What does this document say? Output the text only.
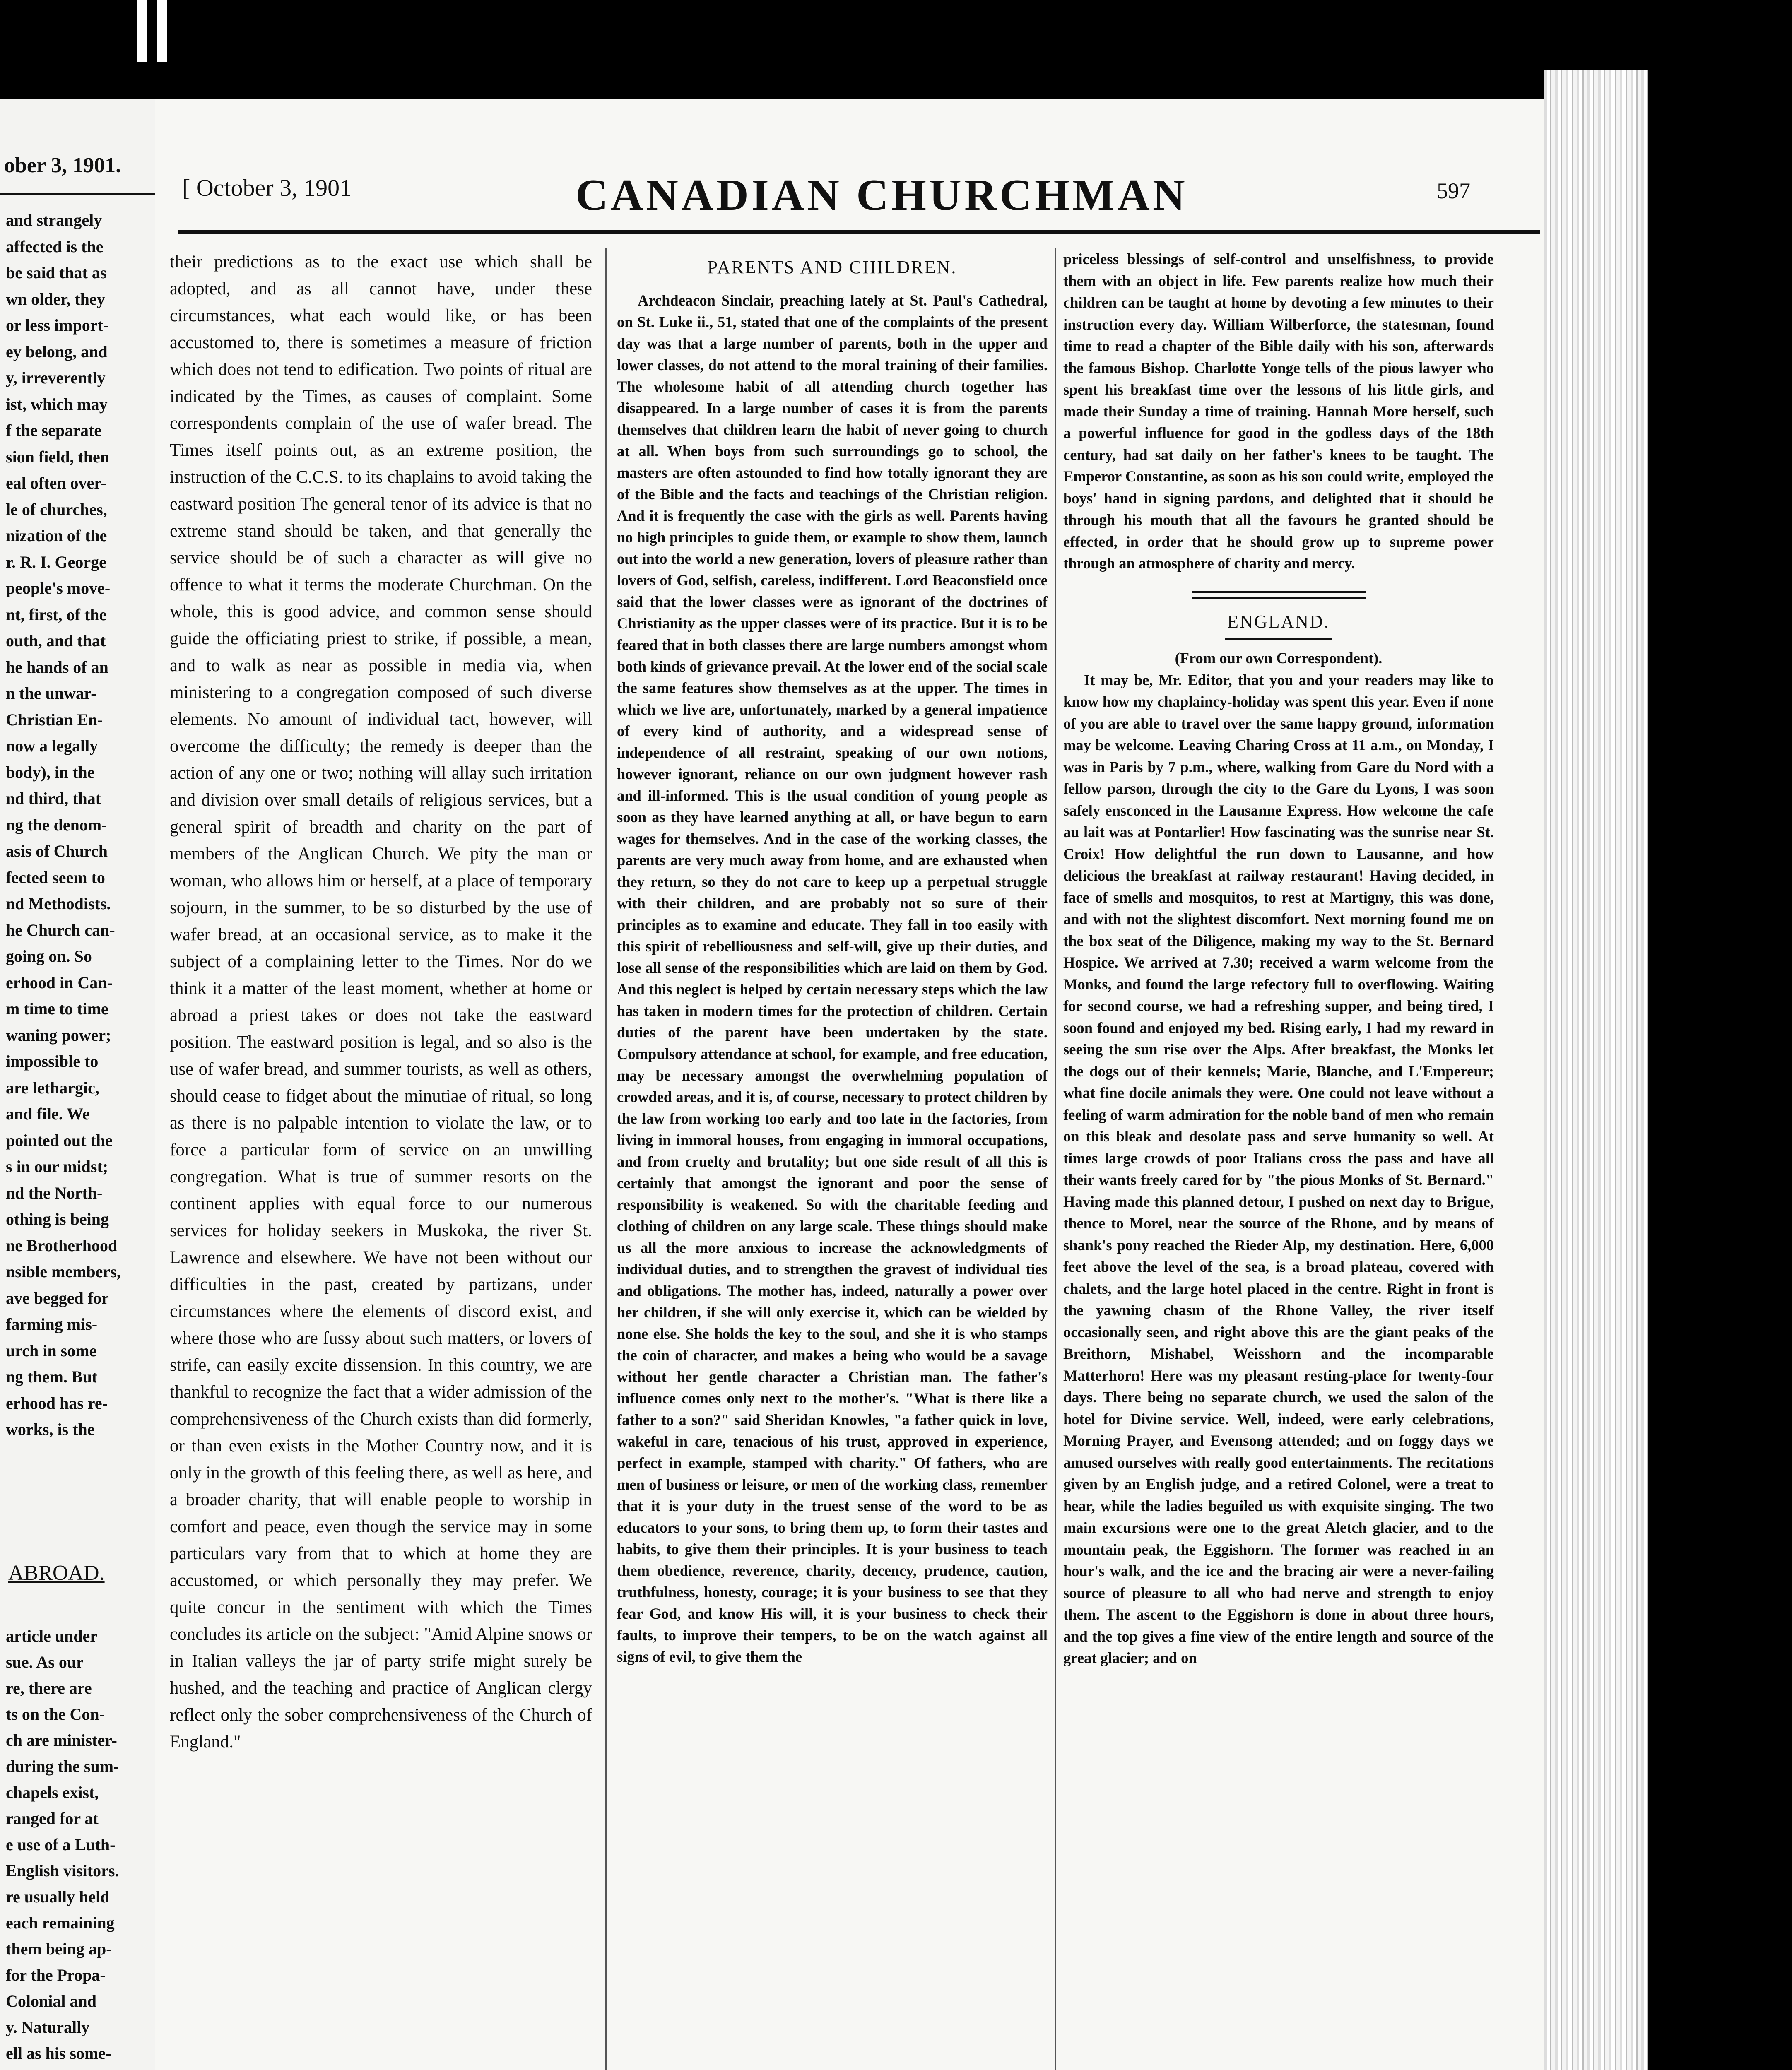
ober 3, 1901.
and strangely
affected is the
be said that as
wn older, they
or less import-
ey belong, and
y, irreverently
ist, which may
f the separate
sion field, then
eal often over-
le of churches,
nization of the
r. R. I. George
people's move-
nt, first, of the
outh, and that
he hands of an
n the unwar-
Christian En-
now a legally
body), in the
nd third, that
ng the denom-
asis of Church
fected seem to
nd Methodists.
he Church can-
going on. So
erhood in Can-
m time to time
waning power;
impossible to
are lethargic,
and file. We
pointed out the
s in our midst;
nd the North-
othing is being
ne Brotherhood
nsible members,
ave begged for
farming mis-
urch in some
ng them. But
erhood has re-
works, is the
ABROAD.
article under
sue. As our
re, there are
ts on the Con-
ch are minister-
during the sum-
chapels exist,
ranged for at
e use of a Luth-
English visitors.
re usually held
each remaining
them being ap-
for the Propa-
Colonial and
y. Naturally
ell as his some-
[ October 3, 1901	CANADIAN CHURCHMAN	597

their predictions as to the exact use which shall be adopted, and as all cannot have, under these circumstances, what each would like, or has been accustomed to, there is sometimes a measure of friction which does not tend to edification. Two points of ritual are indicated by the Times, as causes of complaint. Some correspondents complain of the use of wafer bread. The Times itself points out, as an extreme position, the instruction of the C.C.S. to its chaplains to avoid taking the eastward position The general tenor of its advice is that no extreme stand should be taken, and that generally the service should be of such a character as will give no offence to what it terms the moderate Churchman. On the whole, this is good advice, and common sense should guide the officiating priest to strike, if possible, a mean, and to walk as near as possible in media via, when ministering to a congregation composed of such diverse elements. No amount of individual tact, however, will overcome the difficulty; the remedy is deeper than the action of any one or two; nothing will allay such irritation and division over small details of religious services, but a general spirit of breadth and charity on the part of members of the Anglican Church. We pity the man or woman, who allows him or herself, at a place of temporary sojourn, in the summer, to be so disturbed by the use of wafer bread, at an occasional service, as to make it the subject of a complaining letter to the Times. Nor do we think it a matter of the least moment, whether at home or abroad a priest takes or does not take the eastward position. The eastward position is legal, and so also is the use of wafer bread, and summer tourists, as well as others, should cease to fidget about the minutiae of ritual, so long as there is no palpable intention to violate the law, or to force a particular form of service on an unwilling congregation. What is true of summer resorts on the continent applies with equal force to our numerous services for holiday seekers in Muskoka, the river St. Lawrence and elsewhere. We have not been without our difficulties in the past, created by partizans, under circumstances where the elements of discord exist, and where those who are fussy about such matters, or lovers of strife, can easily excite dissension. In this country, we are thankful to recognize the fact that a wider admission of the comprehensiveness of the Church exists than did formerly, or than even exists in the Mother Country now, and it is only in the growth of this feeling there, as well as here, and a broader charity, that will enable people to worship in comfort and peace, even though the service may in some particulars vary from that to which at home they are accustomed, or which personally they may prefer. We quite concur in the sentiment with which the Times concludes its article on the subject: "Amid Alpine snows or in Italian valleys the jar of party strife might surely be hushed, and the teaching and practice of Anglican clergy reflect only the sober comprehensiveness of the Church of England."

PARENTS AND CHILDREN.

Archdeacon Sinclair, preaching lately at St. Paul's Cathedral, on St. Luke ii., 51, stated that one of the complaints of the present day was that a large number of parents, both in the upper and lower classes, do not attend to the moral training of their families. The wholesome habit of all attending church together has disappeared. In a large number of cases it is from the parents themselves that children learn the habit of never going to church at all. When boys from such surroundings go to school, the masters are often astounded to find how totally ignorant they are of the Bible and the facts and teachings of the Christian religion. And it is frequently the case with the girls as well. Parents having no high principles to guide them, or example to show them, launch out into the world a new generation, lovers of pleasure rather than lovers of God, selfish, careless, indifferent. Lord Beaconsfield once said that the lower classes were as ignorant of the doctrines of Christianity as the upper classes were of its practice. But it is to be feared that in both classes there are large numbers amongst whom both kinds of grievance prevail. At the lower end of the social scale the same features show themselves as at the upper. The times in which we live are, unfortunately, marked by a general impatience of every kind of authority, and a widespread sense of independence of all restraint, speaking of our own notions, however ignorant, reliance on our own judgment however rash and ill-informed. This is the usual condition of young people as soon as they have learned anything at all, or have begun to earn wages for themselves. And in the case of the working classes, the parents are very much away from home, and are exhausted when they return, so they do not care to keep up a perpetual struggle with their children, and are probably not so sure of their principles as to examine and educate. They fall in too easily with this spirit of rebelliousness and self-will, give up their duties, and lose all sense of the responsibilities which are laid on them by God. And this neglect is helped by certain necessary steps which the law has taken in modern times for the protection of children. Certain duties of the parent have been undertaken by the state. Compulsory attendance at school, for example, and free education, may be necessary amongst the overwhelming population of crowded areas, and it is, of course, necessary to protect children by the law from working too early and too late in the factories, from living in immoral houses, from engaging in immoral occupations, and from cruelty and brutality; but one side result of all this is certainly that amongst the ignorant and poor the sense of responsibility is weakened. So with the charitable feeding and clothing of children on any large scale. These things should make us all the more anxious to increase the acknowledgments of individual duties, and to strengthen the gravest of individual ties and obligations. The mother has, indeed, naturally a power over her children, if she will only exercise it, which can be wielded by none else. She holds the key to the soul, and she it is who stamps the coin of character, and makes a being who would be a savage without her gentle character a Christian man. The father's influence comes only next to the mother's. "What is there like a father to a son?" said Sheridan Knowles, "a father quick in love, wakeful in care, tenacious of his trust, approved in experience, perfect in example, stamped with charity." Of fathers, who are men of business or leisure, or men of the working class, remember that it is your duty in the truest sense of the word to be as educators to your sons, to bring them up, to form their tastes and habits, to give them their principles. It is your business to teach them obedience, reverence, charity, decency, prudence, caution, truthfulness, honesty, courage; it is your business to see that they fear God, and know His will, it is your business to check their faults, to improve their tempers, to be on the watch against all signs of evil, to give them the

priceless blessings of self-control and unselfishness, to provide them with an object in life. Few parents realize how much their children can be taught at home by devoting a few minutes to their instruction every day. William Wilberforce, the statesman, found time to read a chapter of the Bible daily with his son, afterwards the famous Bishop. Charlotte Yonge tells of the pious lawyer who spent his breakfast time over the lessons of his little girls, and made their Sunday a time of training. Hannah More herself, such a powerful influence for good in the godless days of the 18th century, had sat daily on her father's knees to be taught. The Emperor Constantine, as soon as his son could write, employed the boys' hand in signing pardons, and delighted that it should be through his mouth that all the favours he granted should be effected, in order that he should grow up to supreme power through an atmosphere of charity and mercy.

ENGLAND.
(From our own Correspondent).

It may be, Mr. Editor, that you and your readers may like to know how my chaplaincy-holiday was spent this year. Even if none of you are able to travel over the same happy ground, information may be welcome. Leaving Charing Cross at 11 a.m., on Monday, I was in Paris by 7 p.m., where, walking from Gare du Nord with a fellow parson, through the city to the Gare du Lyons, I was soon safely ensconced in the Lausanne Express. How welcome the cafe au lait was at Pontarlier! How fascinating was the sunrise near St. Croix! How delightful the run down to Lausanne, and how delicious the breakfast at railway restaurant! Having decided, in face of smells and mosquitos, to rest at Martigny, this was done, and with not the slightest discomfort. Next morning found me on the box seat of the Diligence, making my way to the St. Bernard Hospice. We arrived at 7.30; received a warm welcome from the Monks, and found the large refectory full to overflowing. Waiting for second course, we had a refreshing supper, and being tired, I soon found and enjoyed my bed. Rising early, I had my reward in seeing the sun rise over the Alps. After breakfast, the Monks let the dogs out of their kennels; Marie, Blanche, and L'Empereur; what fine docile animals they were. One could not leave without a feeling of warm admiration for the noble band of men who remain on this bleak and desolate pass and serve humanity so well. At times large crowds of poor Italians cross the pass and have all their wants freely cared for by "the pious Monks of St. Bernard." Having made this planned detour, I pushed on next day to Brigue, thence to Morel, near the source of the Rhone, and by means of shank's pony reached the Rieder Alp, my destination. Here, 6,000 feet above the level of the sea, is a broad plateau, covered with chalets, and the large hotel placed in the centre. Right in front is the yawning chasm of the Rhone Valley, the river itself occasionally seen, and right above this are the giant peaks of the Breithorn, Mishabel, Weisshorn and the incomparable Matterhorn! Here was my pleasant resting-place for twenty-four days. There being no separate church, we used the salon of the hotel for Divine service. Well, indeed, were early celebrations, Morning Prayer, and Evensong attended; and on foggy days we amused ourselves with really good entertainments. The recitations given by an English judge, and a retired Colonel, were a treat to hear, while the ladies beguiled us with exquisite singing. The two main excursions were one to the great Aletch glacier, and to the mountain peak, the Eggishorn. The former was reached in an hour's walk, and the ice and the bracing air were a never-failing source of pleasure to all who had nerve and strength to enjoy them. The ascent to the Eggishorn is done in about three hours, and the top gives a fine view of the entire length and source of the great glacier; and on
